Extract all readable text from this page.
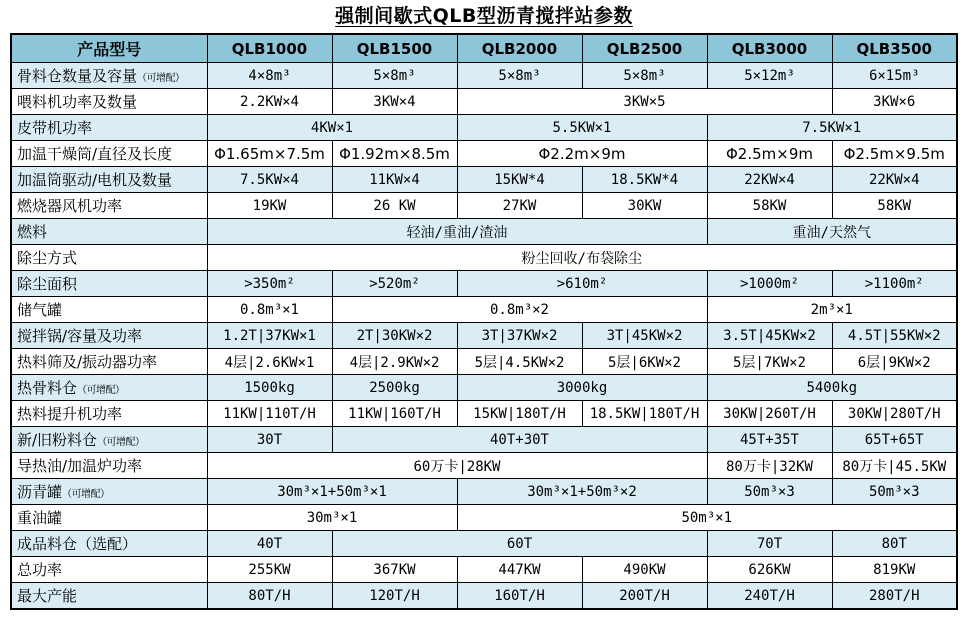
强制间歇式QLB型沥青搅拌站参数
产品型号	QLB1000	QLB1500	QLB2000	QLB2500	QLB3000	QLB3500
骨料仓数量及容量（可增配）	4×8m³	5×8m³	5×8m³	5×8m³	5×12m³	6×15m³
喂料机功率及数量	2.2KW×4	3KW×4	3KW×5			3KW×6
皮带机功率	4KW×1		5.5KW×1		7.5KW×1	
加温干燥筒/直径及长度	Φ1.65m×7.5m	Φ1.92m×8.5m	Φ2.2m×9m		Φ2.5m×9m	Φ2.5m×9.5m
加温筒驱动/电机及数量	7.5KW×4	11KW×4	15KW*4	18.5KW*4	22KW×4	22KW×4
燃烧器风机功率	19KW	26 KW	27KW	30KW	58KW	58KW
燃料	轻油/重油/渣油				重油/天然气	
除尘方式	粉尘回收/布袋除尘					
除尘面积	>350m²	>520m²	>610m²		>1000m²	>1100m²
储气罐	0.8m³×1	0.8m³×2			2m³×1	
搅拌锅/容量及功率	1.2T|37KW×1	2T|30KW×2	3T|37KW×2	3T|45KW×2	3.5T|45KW×2	4.5T|55KW×2
热料筛及/振动器功率	4层|2.6KW×1	4层|2.9KW×2	5层|4.5KW×2	5层|6KW×2	5层|7KW×2	6层|9KW×2
热骨料仓（可增配）	1500kg	2500kg	3000kg		5400kg	
热料提升机功率	11KW|110T/H	11KW|160T/H	15KW|180T/H	18.5KW|180T/H	30KW|260T/H	30KW|280T/H
新/旧粉料仓（可增配）	30T	40T+30T			45T+35T	65T+65T
导热油/加温炉功率	60万卡|28KW				80万卡|32KW	80万卡|45.5KW
沥青罐（可增配）	30m³×1+50m³×1		30m³×1+50m³×2		50m³×3	50m³×3
重油罐	30m³×1		50m³×1			
成品料仓（选配）	40T	60T			70T	80T
总功率	255KW	367KW	447KW	490KW	626KW	819KW
最大产能	80T/H	120T/H	160T/H	200T/H	240T/H	280T/H
